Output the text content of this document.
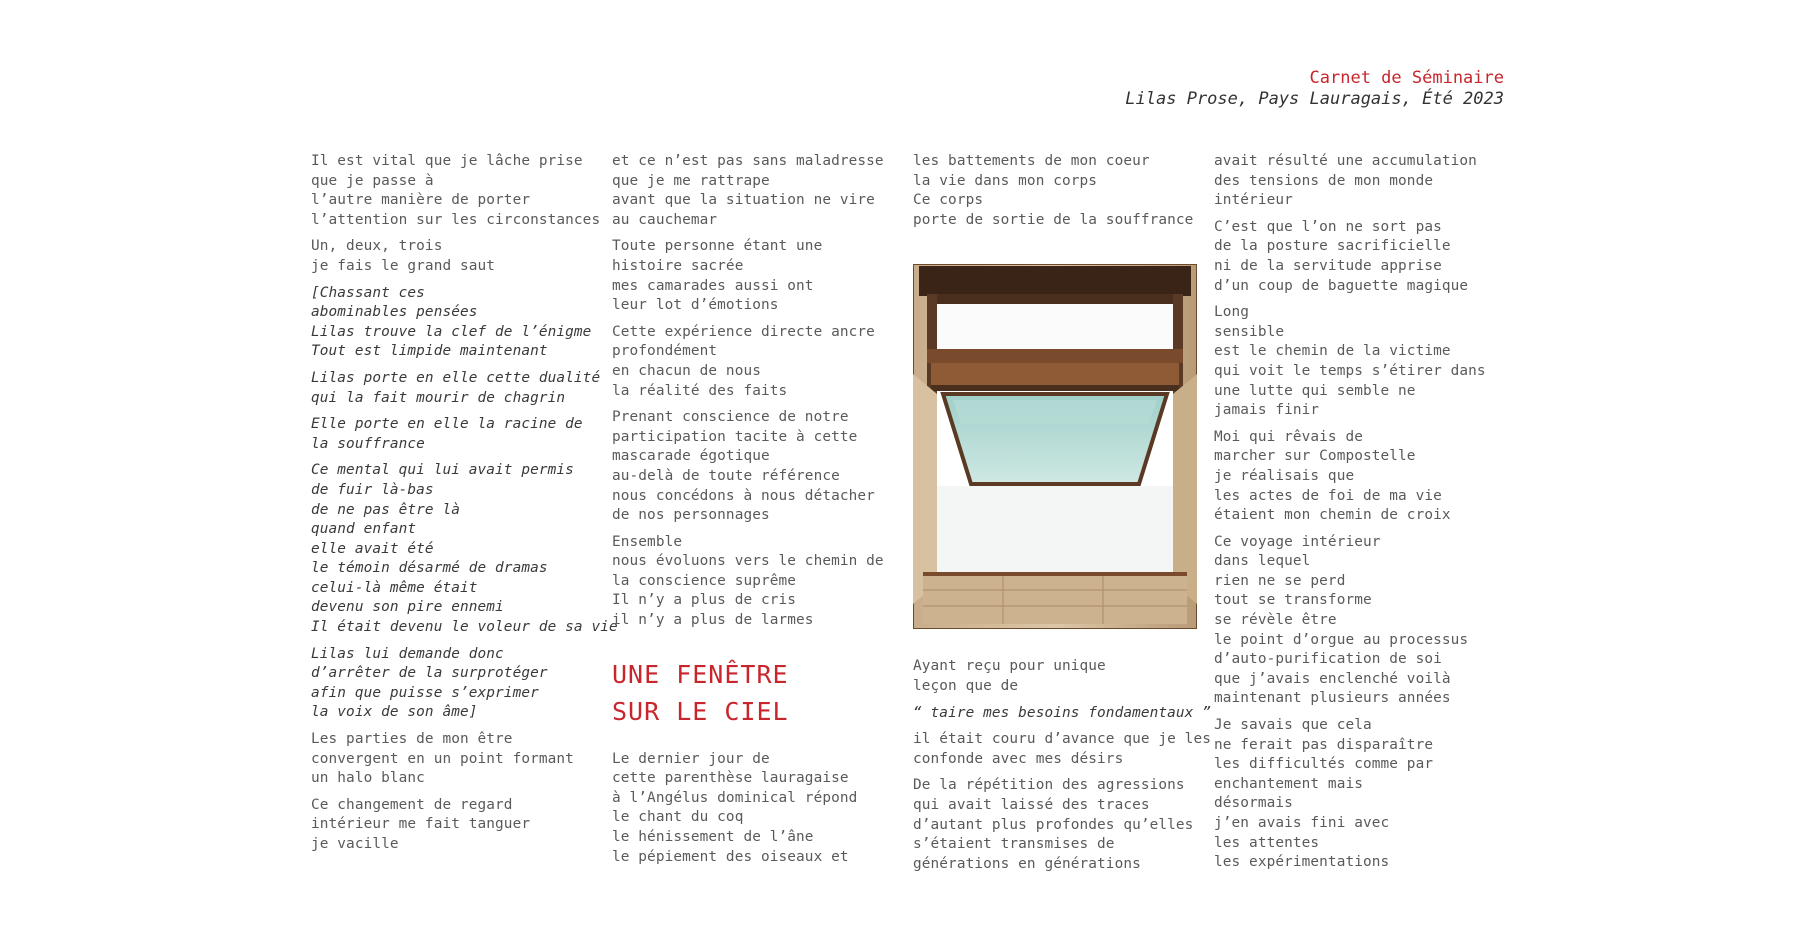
Carnet de Séminaire
Lilas Prose, Pays Lauragais, Été 2023
Il est vital que je lâche prise
que je passe à
l’autre manière de porter
l’attention sur les circonstances
Un, deux, trois
je fais le grand saut
[Chassant ces
abominables pensées
Lilas trouve la clef de l’énigme
Tout est limpide maintenant
Lilas porte en elle cette dualité
qui la fait mourir de chagrin
Elle porte en elle la racine de
la souffrance
Ce mental qui lui avait permis
de fuir là-bas
de ne pas être là
quand enfant
elle avait été
le témoin désarmé de dramas
celui-là même était
devenu son pire ennemi
Il était devenu le voleur de sa vie
Lilas lui demande donc
d’arrêter de la surprotéger
afin que puisse s’exprimer
la voix de son âme]
Les parties de mon être
convergent en un point formant
un halo blanc
Ce changement de regard
intérieur me fait tanguer
je vacille
et ce n’est pas sans maladresse
que je me rattrape
avant que la situation ne vire
au cauchemar
Toute personne étant une
histoire sacrée
mes camarades aussi ont
leur lot d’émotions
Cette expérience directe ancre
profondément
en chacun de nous
la réalité des faits
Prenant conscience de notre
participation tacite à cette
mascarade égotique
au-delà de toute référence
nous concédons à nous détacher
de nos personnages
Ensemble
nous évoluons vers le chemin de
la conscience suprême
Il n’y a plus de cris
il n’y a plus de larmes
UNE FENÊTRE
SUR LE CIEL
Le dernier jour de
cette parenthèse lauragaise
à l’Angélus dominical répond
le chant du coq
le hénissement de l’âne
le pépiement des oiseaux et
les battements de mon coeur
la vie dans mon corps
Ce corps
porte de sortie de la souffrance
Ayant reçu pour unique
leçon que de
“ taire mes besoins fondamentaux ”
il était couru d’avance que je les
confonde avec mes désirs
De la répétition des agressions
qui avait laissé des traces
d’autant plus profondes qu’elles
s’étaient transmises de
générations en générations
avait résulté une accumulation
des tensions de mon monde
intérieur
C’est que l’on ne sort pas
de la posture sacrificielle
ni de la servitude apprise
d’un coup de baguette magique
Long
sensible
est le chemin de la victime
qui voit le temps s’étirer dans
une lutte qui semble ne
jamais finir
Moi qui rêvais de
marcher sur Compostelle
je réalisais que
les actes de foi de ma vie
étaient mon chemin de croix
Ce voyage intérieur
dans lequel
rien ne se perd
tout se transforme
se révèle être
le point d’orgue au processus
d’auto-purification de soi
que j’avais enclenché voilà
maintenant plusieurs années
Je savais que cela
ne ferait pas disparaître
les difficultés comme par
enchantement mais
désormais
j’en avais fini avec
les attentes
les expérimentations
